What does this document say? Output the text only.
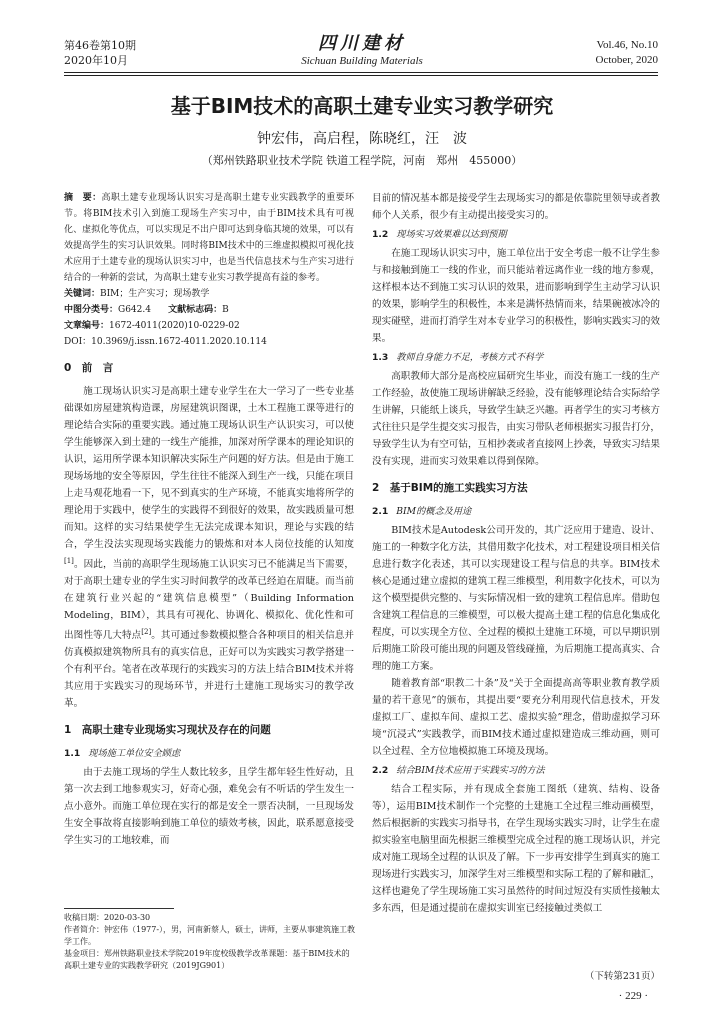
第46卷第10期
2020年10月
四川建材
Sichuan Building Materials
Vol.46, No.10
October, 2020
基于BIM技术的高职土建专业实习教学研究
钟宏伟，高启程，陈晓红，汪　波
（郑州铁路职业技术学院 铁道工程学院，河南　郑州　455000）

摘　要：高职土建专业现场认识实习是高职土建专业实践教学的重要环节。将BIM技术引入到施工现场生产实习中，由于BIM技术具有可视化、虚拟化等优点，可以实现足不出户即可达到身临其境的效果，可以有效提高学生的实习认识效果。同时将BIM技术中的三维虚拟模拟可视化技术应用于土建专业的现场认识实习中，也是当代信息技术与生产实习进行结合的一种新的尝试，为高职土建专业实习教学提高有益的参考。

关键词：BIM；生产实习；现场教学

中图分类号：G642.4 文献标志码：B

文章编号：1672-4011(2020)10-0229-02

DOI：10.3969/j.issn.1672-4011.2020.10.114

0　前　言

施工现场认识实习是高职土建专业学生在大一学习了一些专业基础课如房屋建筑构造课，房屋建筑识图课，土木工程施工课等进行的理论结合实际的重要实践。通过施工现场认识生产认识实习，可以使学生能够深入到土建的一线生产能推，加深对所学课本的理论知识的认识，运用所学课本知识解决实际生产问题的好方法。但是由于施工现场场地的安全等原因，学生往往不能深入到生产一线，只能在项目上走马观花地看一下，见不到真实的生产环境，不能真实地将所学的理论用于实践中，使学生的实践得不到很好的效果，故实践质量可想而知。这样的实习结果使学生无法完成课本知识，理论与实践的结合，学生没法实现现场实践能力的锻炼和对本人岗位技能的认知度[1]。因此，当前的高职学生现场施工认识实习已不能满足当下需要，对于高职土建专业的学生实习时间教学的改革已经迫在眉睫。而当前在建筑行业兴起的“建筑信息模型”（Building Information Modeling，BIM），其具有可视化、协调化、模拟化、优化性和可出图性等几大特点[2]。其可通过参数模拟整合各种项目的相关信息并仿真模拟建筑物所具有的真实信息，正好可以为实践实习教学搭建一个有利平台。笔者在改革现行的实践实习的方法上结合BIM技术并将其应用于实践实习的现场环节，并进行土建施工现场实习的教学改革。

1　高职土建专业现场实习现状及存在的问题
1.1 现场施工单位安全顾虑

由于去施工现场的学生人数比较多，且学生都年轻生性好动，且第一次去到工地参观实习，好奇心强，难免会有不听话的学生发生一点小意外。而施工单位现在实行的都是安全一票否决制，一旦现场发生安全事故将直接影响到施工单位的绩效考核，因此，联系愿意接受学生实习的工地较难，而

目前的情况基本都是接受学生去现场实习的都是依靠院里领导或者教师个人关系，很少有主动提出接受实习的。

1.2 现场实习效果难以达到预期

在施工现场认识实习中，施工单位出于安全考虑一般不让学生参与和接触到施工一线的作业，而只能站着远离作业一线的地方参观，这样根本达不到施工实习认识的效果，进而影响到学生主动学习认识的效果，影响学生的积极性，本来是满怀热情而来，结果碗被冰冷的现实碰壁，进而打消学生对本专业学习的积极性，影响实践实习的效果。

1.3 教师自身能力不足，考核方式不科学

高职教师大部分是高校应届研究生毕业，而没有施工一线的生产工作经验，故使施工现场讲解缺乏经验，没有能够理论结合实际给学生讲解，只能纸上谈兵，导致学生缺乏兴趣。再者学生的实习考核方式往往只是学生提交实习报告，由实习带队老师根据实习报告打分，导致学生认为有空可钻，互相抄袭或者直接网上抄袭，导致实习结果没有实现，进而实习效果难以得到保障。

2　基于BIM的施工实践实习方法
2.1 BIM的概念及用途

BIM技术是Autodesk公司开发的，其广泛应用于建造、设计、施工的一种数字化方法，其借用数字化技术，对工程建设项目相关信息进行数字化表述，其可以实现建设工程与信息的共享。BIM技术核心是通过建立虚拟的建筑工程三维模型，利用数字化技术，可以为这个模型提供完整的、与实际情况相一致的建筑工程信息库。借助包含建筑工程信息的三维模型，可以极大提高土建工程的信息化集成化程度，可以实现全方位、全过程的模拟土建施工环境，可以早期识别后期施工阶段可能出现的问题及管线碰撞，为后期施工提高真实、合理的施工方案。

随着教育部“职教二十条”及“关于全面提高高等职业教育教学质量的若干意见”的颁布，其提出要“要充分利用现代信息技术，开发虚拟工厂、虚拟车间、虚拟工艺、虚拟实验”理念，借助虚拟学习环境“沉浸式”实践教学，而BIM技术通过虚拟建造成三维动画，则可以全过程、全方位地模拟施工环境及现场。

2.2 结合BIM技术应用于实践实习的方法

结合工程实际，并有现成全套施工图纸（建筑、结构、设备等），运用BIM技术制作一个完整的土建施工全过程三维动画模型，然后根据新的实践实习指导书，在学生现场实践实习时，让学生在虚拟实验室电脑里面先根据三维模型完成全过程的施工现场认识，并完成对施工现场全过程的认识及了解。下一步再安排学生到真实的施工现场进行实践实习，加深学生对三维模型和实际工程的了解和融汇，这样也避免了学生现场施工实习虽然待的时间过短没有实质性接触太多东西，但是通过提前在虚拟实训室已经接触过类似工

收稿日期：2020-03-30
作者简介：钟宏伟（1977-），男，河南新蔡人，硕士，讲师，主要从事建筑施工教学工作。
基金项目：郑州铁路职业技术学院2019年度校级教学改革课题：基于BIM技术的高职土建专业的实践教学研究（2019JG901）
（下转第231页）
· 229 ·
